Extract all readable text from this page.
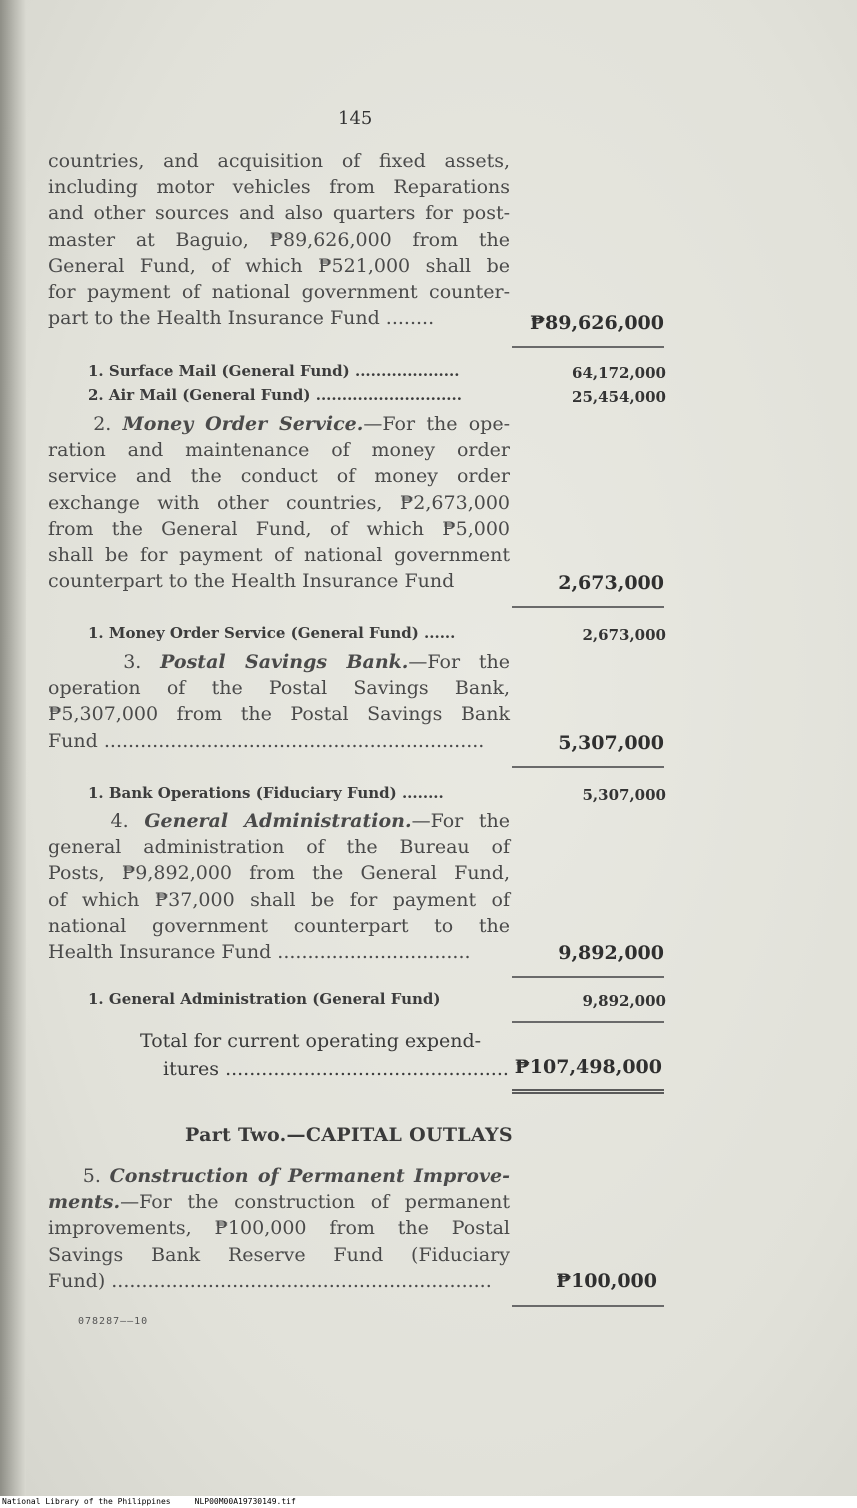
145
countries, and acquisition of fixed assets,
including motor vehicles from Reparations
and other sources and also quarters for post-
master at Baguio, ₱89,626,000 from the
General Fund, of which ₱521,000 shall be
for payment of national government counter-
part to the Health Insurance Fund ........	₱89,626,000
1. Surface Mail (General Fund) ....................	64,172,000
2. Air Mail (General Fund) ............................	25,454,000
2. Money Order Service.—For the ope-
ration and maintenance of money order
service and the conduct of money order
exchange with other countries, ₱2,673,000
from the General Fund, of which ₱5,000
shall be for payment of national government
counterpart to the Health Insurance Fund	2,673,000
1. Money Order Service (General Fund) ......	2,673,000
3. Postal Savings Bank.—For the
operation of the Postal Savings Bank,
₱5,307,000 from the Postal Savings Bank
Fund ...............................................................	5,307,000
1. Bank Operations (Fiduciary Fund) ........	5,307,000
4. General Administration.—For the
general administration of the Bureau of
Posts, ₱9,892,000 from the General Fund,
of which ₱37,000 shall be for payment of
national government counterpart to the
Health Insurance Fund ................................	9,892,000
1. General Administration (General Fund)	9,892,000
Total for current operating expend-
itures ............................................... ₱107,498,000
Part Two.—CAPITAL OUTLAYS
5. Construction of Permanent Improve-
ments.—For the construction of permanent
improvements, ₱100,000 from the Postal
Savings Bank Reserve Fund (Fiduciary
Fund) ...............................................................	₱100,000
078287——10
National Library of the Philippines     NLP00M00A19730149.tif
